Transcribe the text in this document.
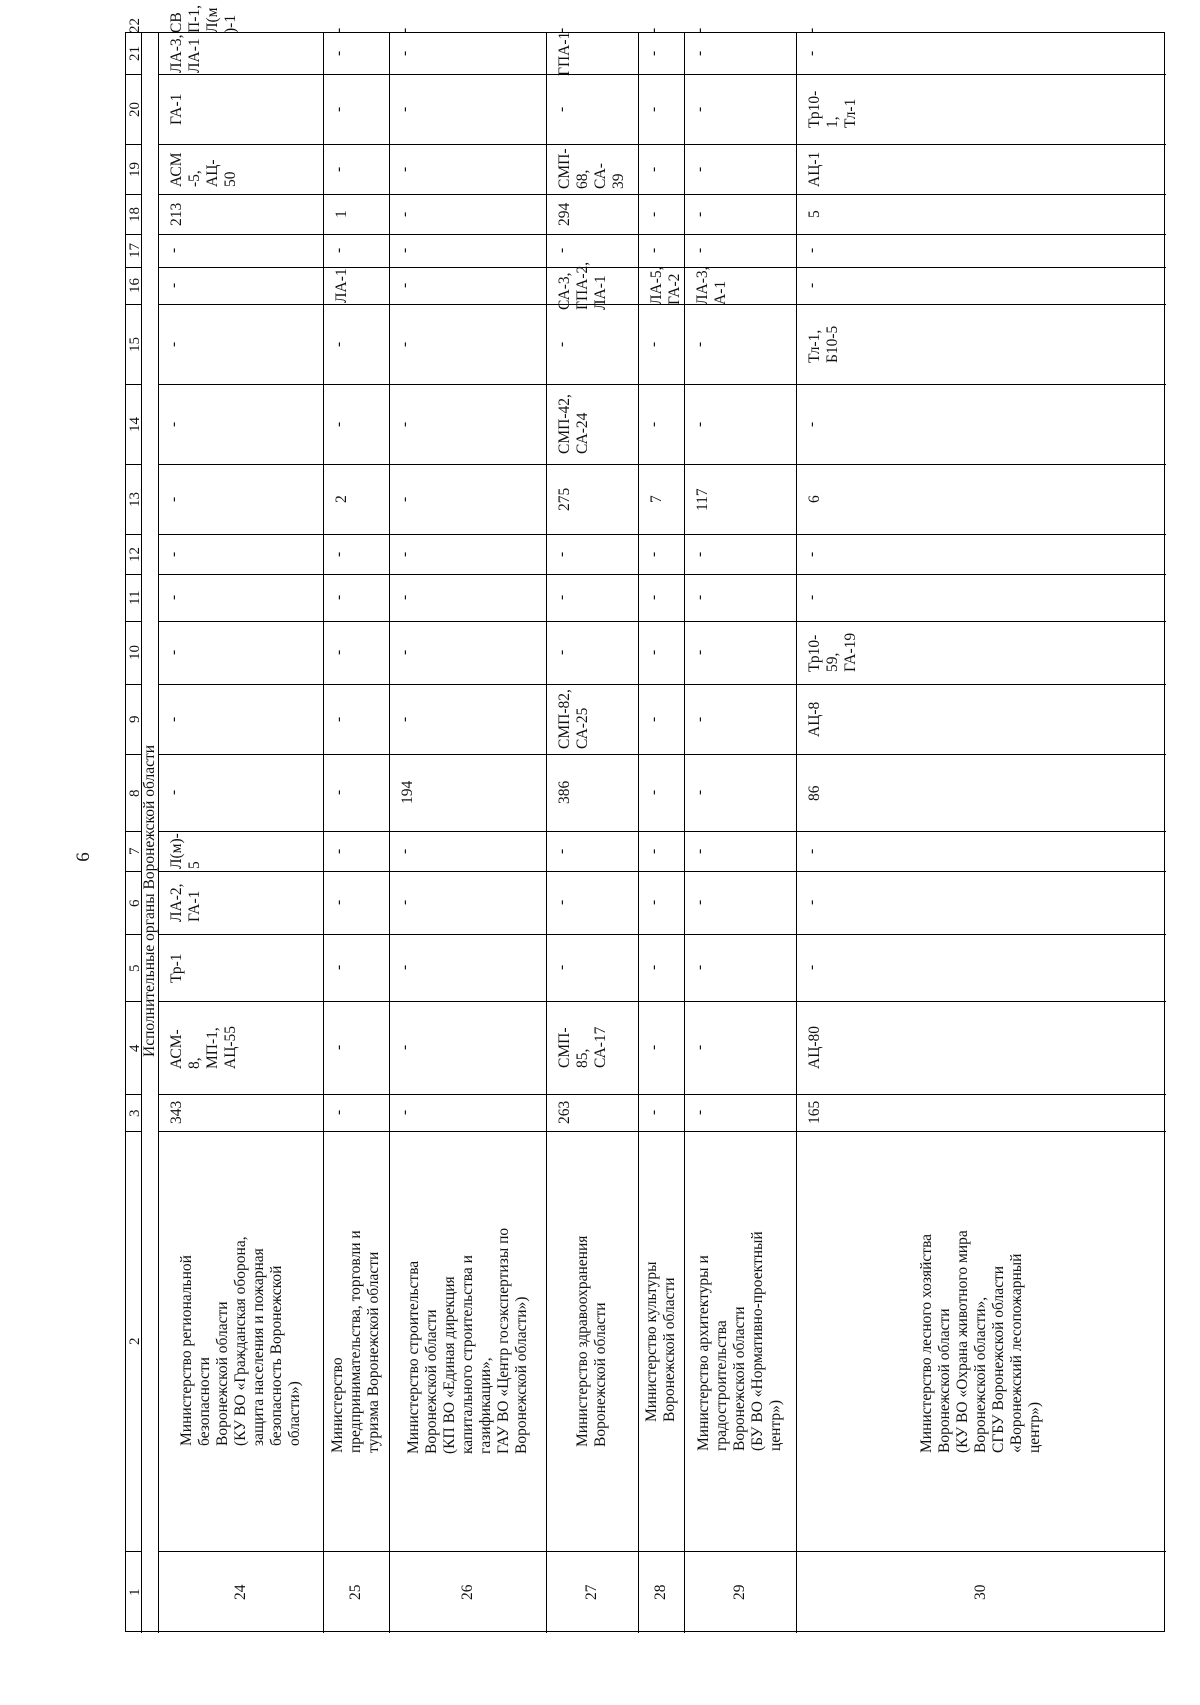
6
1
2
3
4
5
6
7
8
9
10
11
12
13
14
15
16
17
18
19
20
21
22
Исполнительные органы Воронежской области
24
Министерство региональной
безопасности
Воронежской области
(КУ ВО «Гражданская оборона,
защита населения и пожарная
безопасность Воронежской
области»)
343
АСМ-
8,
МП-1,
АЦ-55
Тр-1
ЛА-2,
ГА-1
Л(м)-
5
-
-
-
-
-
-
-
-
-
-
213
АСМ
-5,
АЦ-
50
ГА-1
ЛА-3,
ЛА-1
СВ
П-1,
Л(м
)-1
25
Министерство
предпринимательства, торговли и
туризма Воронежской области
-
-
-
-
-
-
-
-
-
-
2
-
-
ЛА-1
-
1
-
-
-
-
26
Министерство строительства
Воронежской области
(КП ВО «Единая дирекция
капитального строительства и
газификации»,
ГАУ ВО «Центр госэкспертизы по
Воронежской области»)
-
-
-
-
-
194
-
-
-
-
-
-
-
-
-
-
-
-
-
-
27
Министерство здравоохранения
Воронежской области
263
СМП-
85,
СА-17
-
-
-
386
СМП-82,
СА-25
-
-
-
275
СМП-42,
СА-24
-
СА-3,
ГПА-2,
ЛА-1
-
294
СМП-
68,
СА-
39
-
ГПА-1
-
28
Министерство культуры
Воронежской области
-
-
-
-
-
-
-
-
-
-
7
-
-
ЛА-5,
ГА-2
-
-
-
-
-
-
29
Министерство архитектуры и
градостроительства
Воронежской области
(БУ ВО «Нормативно-проектный
центр»)
-
-
-
-
-
-
-
-
-
-
117
-
-
ЛА-3,
А-1
-
-
-
-
-
-
30
Министерство лесного хозяйства
Воронежской области
(КУ ВО «Охрана животного мира
Воронежской области»,
СГБУ Воронежской области
«Воронежский лесопожарный
центр»)
165
АЦ-80
-
-
-
86
АЦ-8
Тр10-
59,
ГА-19
-
-
6
-
Тл-1,
Б10-5
-
-
5
АЦ-1
Тр10-
1,
Тл-1
-
-
